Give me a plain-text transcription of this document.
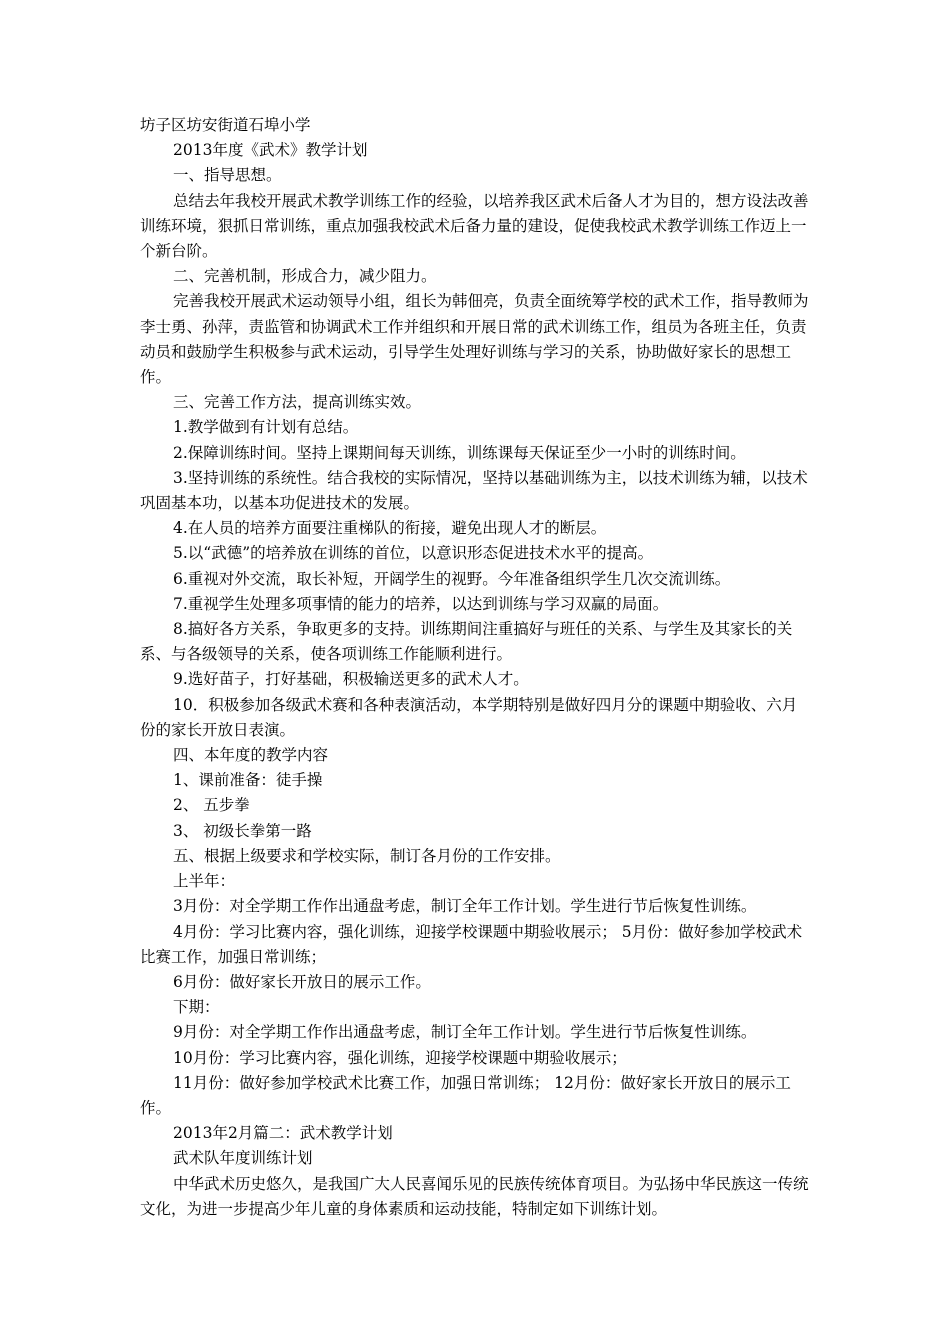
坊子区坊安街道石埠小学

2013年度《武术》教学计划

一、指导思想。

总结去年我校开展武术教学训练工作的经验，以培养我区武术后备人才为目的，想方设法改善训练环境，狠抓日常训练，重点加强我校武术后备力量的建设，促使我校武术教学训练工作迈上一个新台阶。

二、完善机制，形成合力，减少阻力。

完善我校开展武术运动领导小组，组长为韩佃亮，负责全面统筹学校的武术工作，指导教师为李士勇、孙萍，责监管和协调武术工作并组织和开展日常的武术训练工作，组员为各班主任，负责动员和鼓励学生积极参与武术运动，引导学生处理好训练与学习的关系，协助做好家长的思想工作。

三、完善工作方法，提高训练实效。

1.教学做到有计划有总结。

2.保障训练时间。坚持上课期间每天训练，训练课每天保证至少一小时的训练时间。

3.坚持训练的系统性。结合我校的实际情况，坚持以基础训练为主，以技术训练为辅，以技术巩固基本功，以基本功促进技术的发展。

4.在人员的培养方面要注重梯队的衔接，避免出现人才的断层。

5.以“武德”的培养放在训练的首位，以意识形态促进技术水平的提高。

6.重视对外交流，取长补短，开阔学生的视野。今年准备组织学生几次交流训练。

7.重视学生处理多项事情的能力的培养，以达到训练与学习双赢的局面。

8.搞好各方关系，争取更多的支持。训练期间注重搞好与班任的关系、与学生及其家长的关系、与各级领导的关系，使各项训练工作能顺利进行。

9.选好苗子，打好基础，积极输送更多的武术人才。

10．积极参加各级武术赛和各种表演活动，本学期特别是做好四月分的课题中期验收、六月份的家长开放日表演。

四、本年度的教学内容

1、课前准备：徒手操

2、 五步拳

3、 初级长拳第一路

五、根据上级要求和学校实际，制订各月份的工作安排。

上半年：

3月份：对全学期工作作出通盘考虑，制订全年工作计划。学生进行节后恢复性训练。

4月份：学习比赛内容，强化训练，迎接学校课题中期验收展示； 5月份：做好参加学校武术比赛工作，加强日常训练；

6月份：做好家长开放日的展示工作。

下期：

9月份：对全学期工作作出通盘考虑，制订全年工作计划。学生进行节后恢复性训练。

10月份：学习比赛内容，强化训练，迎接学校课题中期验收展示；

11月份：做好参加学校武术比赛工作，加强日常训练； 12月份：做好家长开放日的展示工作。

2013年2月篇二：武术教学计划

武术队年度训练计划

中华武术历史悠久，是我国广大人民喜闻乐见的民族传统体育项目。为弘扬中华民族这一传统文化，为进一步提高少年儿童的身体素质和运动技能，特制定如下训练计划。
